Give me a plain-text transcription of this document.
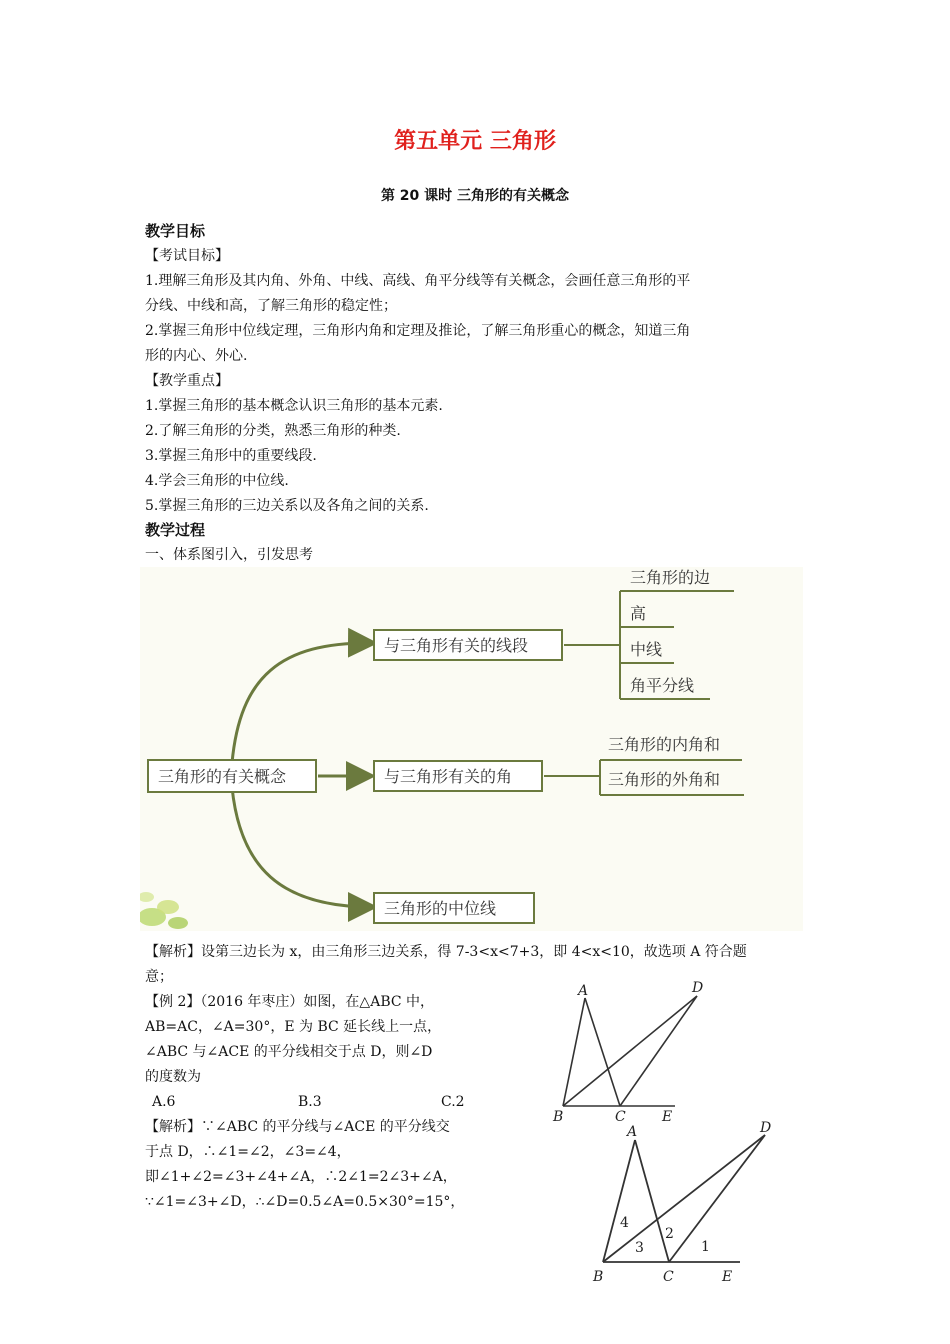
第五单元 三角形
第 20 课时 三角形的有关概念
教学目标
【考试目标】
1.理解三角形及其内角、外角、中线、高线、角平分线等有关概念，会画任意三角形的平
分线、中线和高，了解三角形的稳定性；
2.掌握三角形中位线定理，三角形内角和定理及推论，了解三角形重心的概念，知道三角
形的内心、外心.
【教学重点】
1.掌握三角形的基本概念认识三角形的基本元素.
2.了解三角形的分类，熟悉三角形的种类.
3.掌握三角形中的重要线段.
4.学会三角形的中位线.
5.掌握三角形的三边关系以及各角之间的关系.
教学过程
一、体系图引入，引发思考
三角形的有关概念
与三角形有关的线段
三角形的边
高
中线
角平分线
与三角形有关的角
三角形的内角和
三角形的外角和
三角形的中位线
【解析】设第三边长为 x，由三角形三边关系，得 7-3<x<7+3，即 4<x<10，故选项 A 符合题
意；
【例 2】（2016 年枣庄）如图，在△ABC 中，
AB=AC，∠A=30°，E 为 BC 延长线上一点，
∠ABC 与∠ACE 的平分线相交于点 D，则∠D
的度数为
A.6	B.3	C.2
【解析】∵∠ABC 的平分线与∠ACE 的平分线交
于点 D，∴∠1=∠2，∠3=∠4，
即∠1+∠2=∠3+∠4+∠A，∴2∠1=2∠3+∠A，
∵∠1=∠3+∠D，∴∠D=0.5∠A=0.5×30°=15°，
A	D
B	C	E
A	D
B	C	E
4
3
2
1
